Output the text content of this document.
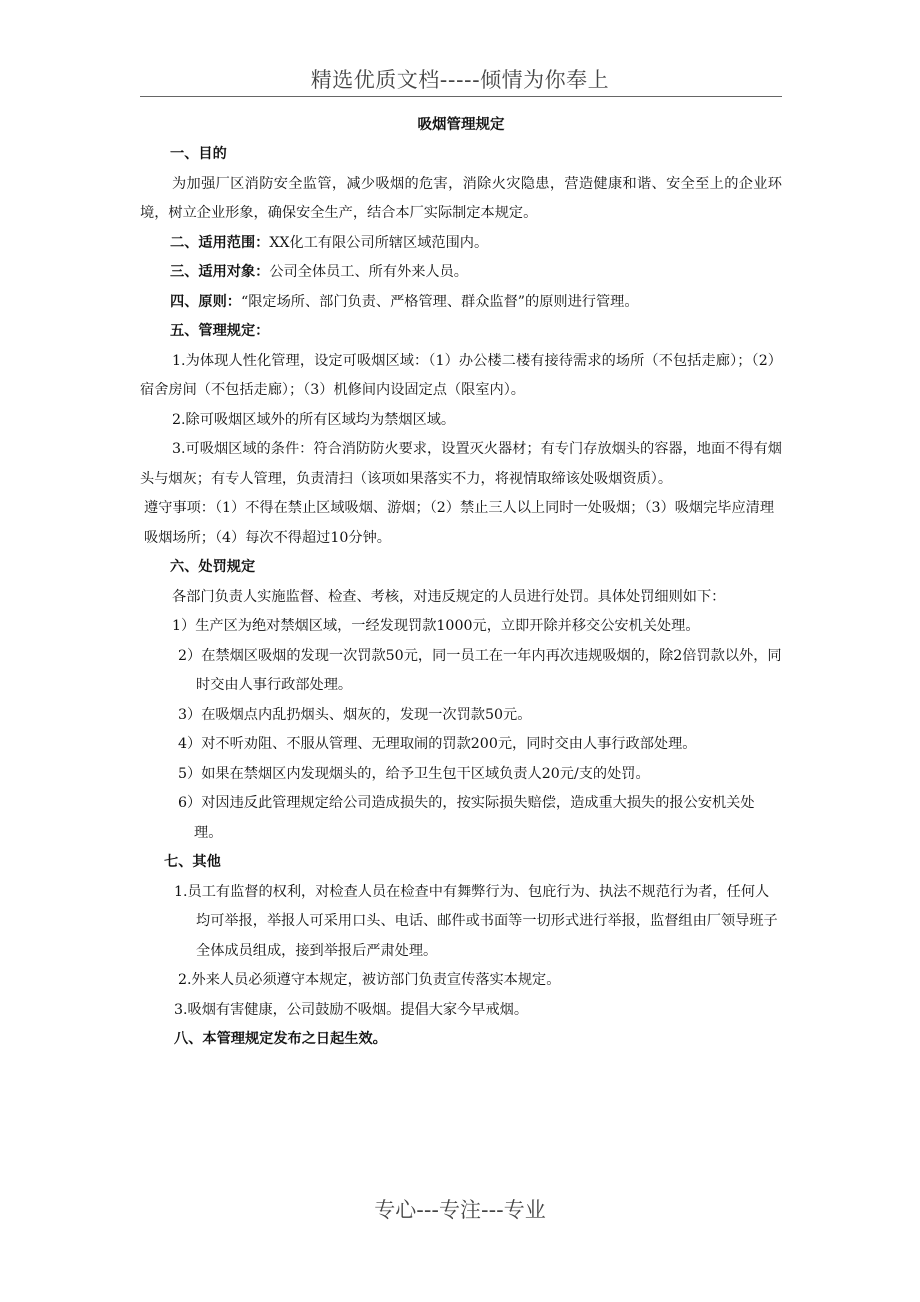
精选优质文档-----倾情为你奉上

吸烟管理规定

一、目的

为加强厂区消防安全监管，减少吸烟的危害，消除火灾隐患，营造健康和谐、安全至上的企业环境，树立企业形象，确保安全生产，结合本厂实际制定本规定。

二、适用范围：XX化工有限公司所辖区域范围内。

三、适用对象：公司全体员工、所有外来人员。

四、原则：“限定场所、部门负责、严格管理、群众监督”的原则进行管理。

五、管理规定：

1.为体现人性化管理，设定可吸烟区域：（1）办公楼二楼有接待需求的场所（不包括走廊）；（2）宿舍房间（不包括走廊）；（3）机修间内设固定点（限室内）。

2.除可吸烟区域外的所有区域均为禁烟区域。

3.可吸烟区域的条件：符合消防防火要求，设置灭火器材；有专门存放烟头的容器，地面不得有烟头与烟灰；有专人管理，负责清扫（该项如果落实不力，将视情取缔该处吸烟资质）。

遵守事项：（1）不得在禁止区域吸烟、游烟；（2）禁止三人以上同时一处吸烟；（3）吸烟完毕应清理吸烟场所；（4）每次不得超过10分钟。

六、处罚规定

各部门负责人实施监督、检查、考核，对违反规定的人员进行处罚。具体处罚细则如下：

1）生产区为绝对禁烟区域，一经发现罚款1000元，立即开除并移交公安机关处理。

2）在禁烟区吸烟的发现一次罚款50元，同一员工在一年内再次违规吸烟的，除2倍罚款以外，同时交由人事行政部处理。

3）在吸烟点内乱扔烟头、烟灰的，发现一次罚款50元。

4）对不听劝阻、不服从管理、无理取闹的罚款200元，同时交由人事行政部处理。

5）如果在禁烟区内发现烟头的，给予卫生包干区域负责人20元/支的处罚。

6）对因违反此管理规定给公司造成损失的，按实际损失赔偿，造成重大损失的报公安机关处理。

七、其他

1.员工有监督的权利，对检查人员在检查中有舞弊行为、包庇行为、执法不规范行为者，任何人均可举报，举报人可采用口头、电话、邮件或书面等一切形式进行举报，监督组由厂领导班子全体成员组成，接到举报后严肃处理。

2.外来人员必须遵守本规定，被访部门负责宣传落实本规定。

3.吸烟有害健康，公司鼓励不吸烟。提倡大家今早戒烟。

八、本管理规定发布之日起生效。

专心---专注---专业
